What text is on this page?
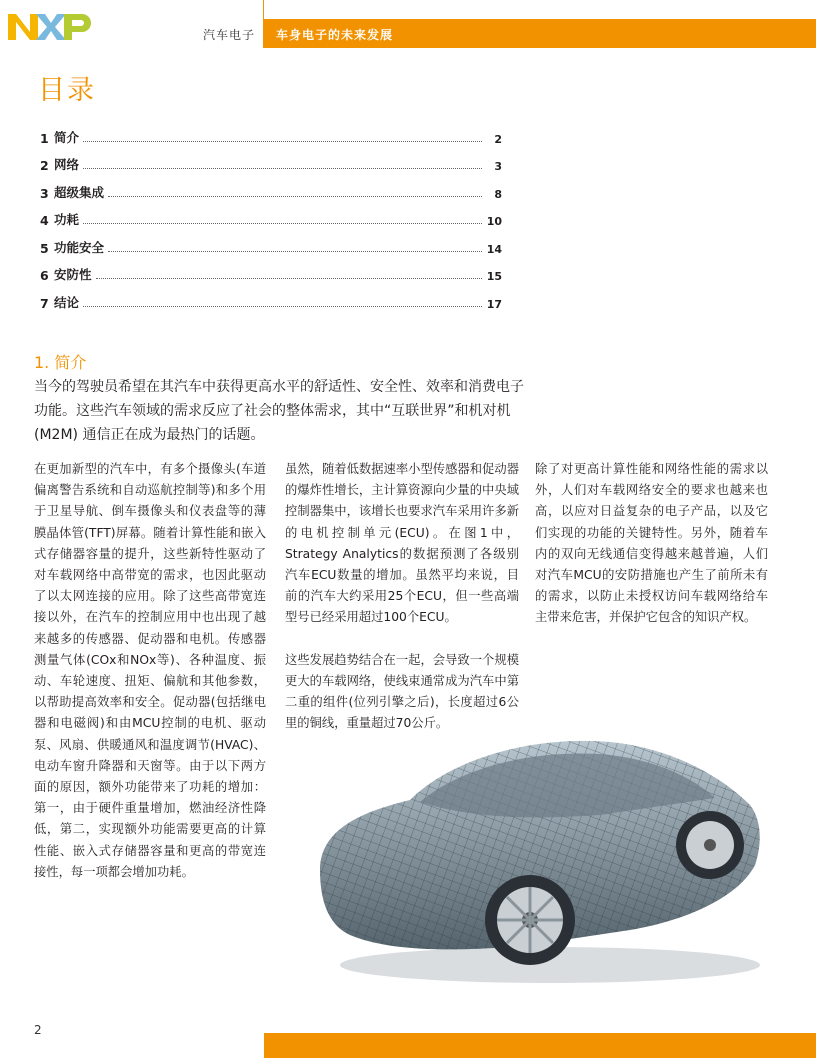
汽车电子 车身电子的未来发展
目录
1 简介	2
2 网络	3
3 超级集成	8
4 功耗	10
5 功能安全	14
6 安防性	15
7 结论	17
1. 简介
当今的驾驶员希望在其汽车中获得更高水平的舒适性、安全性、效率和消费电子功能。这些汽车领域的需求反应了社会的整体需求，其中“互联世界”和机对机 (M2M) 通信正在成为最热门的话题。

在更加新型的汽车中，有多个摄像头(车道偏离警告系统和自动巡航控制等)和多个用于卫星导航、倒车摄像头和仪表盘等的薄膜晶体管(TFT)屏幕。随着计算性能和嵌入式存储器容量的提升，这些新特性驱动了对车载网络中高带宽的需求，也因此驱动了以太网连接的应用。除了这些高带宽连接以外，在汽车的控制应用中也出现了越来越多的传感器、促动器和电机。传感器测量气体(COx和NOx等)、各种温度、振动、车轮速度、扭矩、偏航和其他参数，以帮助提高效率和安全。促动器(包括继电器和电磁阀)和由MCU控制的电机、驱动泵、风扇、供暖通风和温度调节(HVAC)、电动车窗升降器和天窗等。由于以下两方面的原因，额外功能带来了功耗的增加：第一，由于硬件重量增加，燃油经济性降低，第二，实现额外功能需要更高的计算性能、嵌入式存储器容量和更高的带宽连接性，每一项都会增加功耗。

虽然，随着低数据速率小型传感器和促动器的爆炸性增长，主计算资源向少量的中央域控制器集中，该增长也要求汽车采用许多新的电机控制单元(ECU)。在图1中，Strategy Analytics的数据预测了各级别汽车ECU数量的增加。虽然平均来说，目前的汽车大约采用25个ECU，但一些高端型号已经采用超过100个ECU。

这些发展趋势结合在一起，会导致一个规模更大的车载网络，使线束通常成为汽车中第二重的组件(位列引擎之后)，长度超过6公里的铜线，重量超过70公斤。

除了对更高计算性能和网络性能的需求以外，人们对车载网络安全的要求也越来也高，以应对日益复杂的电子产品，以及它们实现的功能的关键特性。另外，随着车内的双向无线通信变得越来越普遍，人们对汽车MCU的安防措施也产生了前所未有的需求，以防止未授权访问车载网络给车主带来危害，并保护它包含的知识产权。

2
